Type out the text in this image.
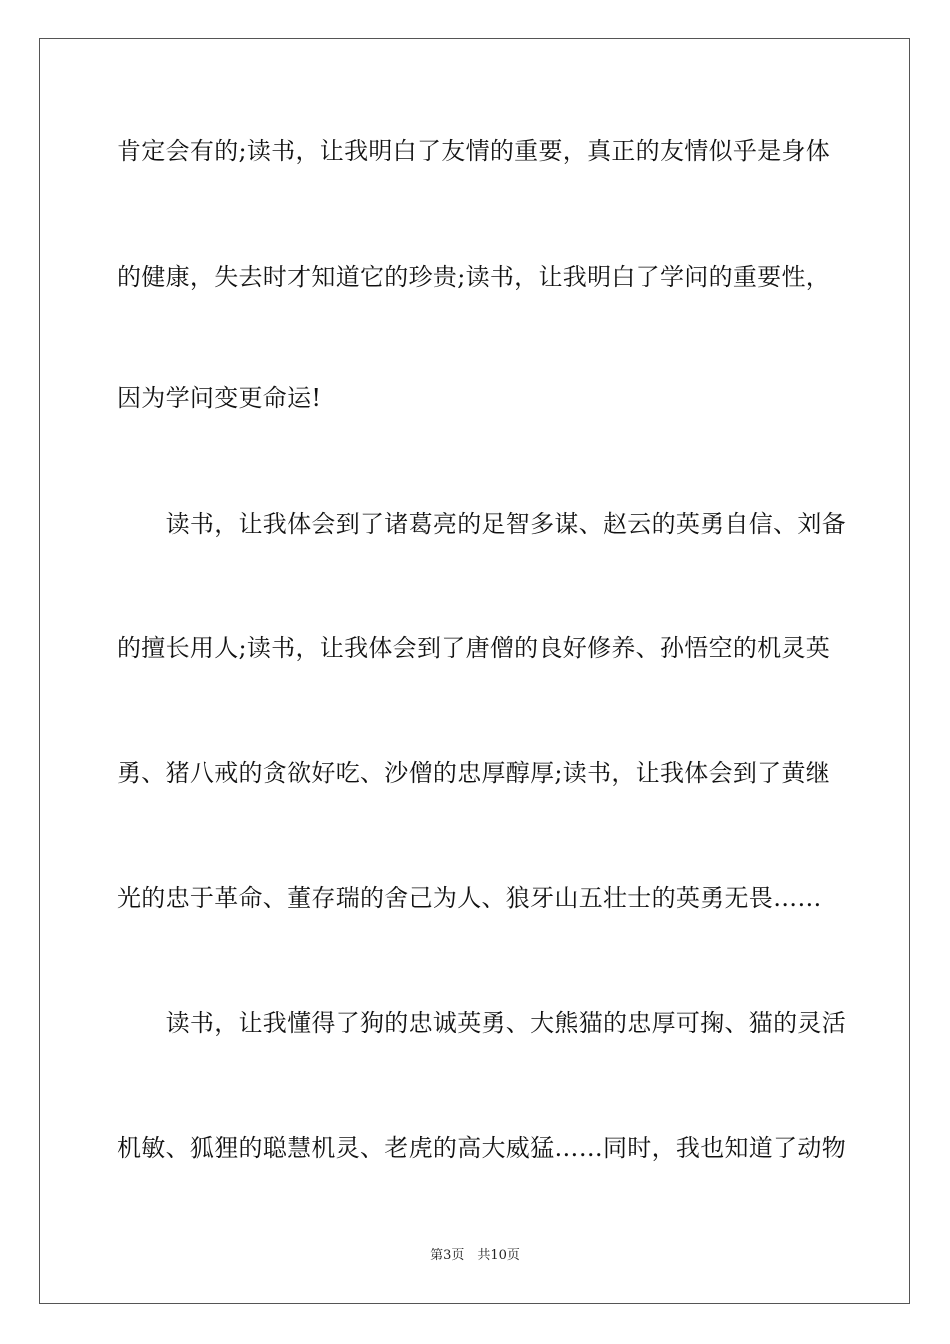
肯定会有的;读书，让我明白了友情的重要，真正的友情似乎是身体
的健康，失去时才知道它的珍贵;读书，让我明白了学问的重要性，
因为学问变更命运!
　　读书，让我体会到了诸葛亮的足智多谋、赵云的英勇自信、刘备
的擅长用人;读书，让我体会到了唐僧的良好修养、孙悟空的机灵英
勇、猪八戒的贪欲好吃、沙僧的忠厚醇厚;读书，让我体会到了黄继
光的忠于革命、董存瑞的舍己为人、狼牙山五壮士的英勇无畏……
　　读书，让我懂得了狗的忠诚英勇、大熊猫的忠厚可掬、猫的灵活
机敏、狐狸的聪慧机灵、老虎的高大威猛……同时，我也知道了动物
第3页　共10页
